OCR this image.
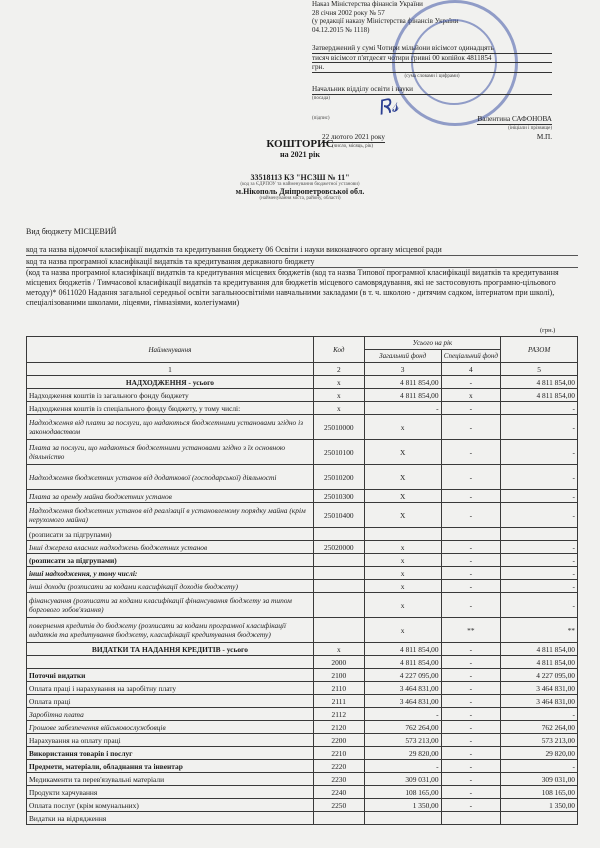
Наказ Міністерства фінансів України
28 січня 2002 року № 57
(у редакції наказу Міністерства фінансів України
04.12.2015 № 1118)
Затверджений у сумі Чотири мільйони вісімсот одинадцять
тисяч вісімсот п'ятдесят чотири гривні 00 копійок 4811854
грн.
(сума словами і цифрами)
Начальник відділу освіти і науки
(посада)
(підпис)	Валентина САФОНОВА
(ініціали і прізвище)
22 лютого 2021 року	М.П.
(число, місяць, рік)
Ꮢ𝓈

КОШТОРИС

на 2021 рік
33518113 КЗ "НСЗШ № 11"
(код за ЄДРПОУ та найменування бюджетної установи)
м.Нікополь Дніпропетровської обл.
(найменування міста, району, області)
Вид бюджету МІСЦЕВИЙ
код та назва відомчої класифікації видатків та кредитування бюджету 06 Освіти і науки виконавчого органу місцевої ради
код та назва програмної класифікації видатків та кредитування державного бюджету
(код та назва програмної класифікації видатків та кредитування місцевих бюджетів (код та назва Типової програмної класифікації видатків та кредитування місцевих бюджетів / Тимчасової класифікації видатків та кредитування для бюджетів місцевого самоврядування, які не застосовують програмно-цільового методу)* 0611020 Надання загальної середньої освіти загальноосвітніми навчальними закладами (в т. ч. школою - дитячим садком, інтернатом при школі), спеціалізованими школами, ліцеями, гімназіями, колегіумами)
(грн.)
Найменування	Код	Усього на рік		РАЗОМ
		Загальний фонд	Спеціальний фонд	
1	2	3	4	5
НАДХОДЖЕННЯ - усього	x	4 811 854,00	-	4 811 854,00
Надходження коштів із загального фонду бюджету	x	4 811 854,00	x	4 811 854,00
Надходження коштів із спеціального фонду бюджету, у тому числі:	x	-	-	-
Надходження від плати за послуги, що надаються бюджетними установами згідно із законодавством	25010000	x	-	-
Плата за послуги, що надаються бюджетними установами згідно з їх основною діяльністю	25010100	X	-	-
Надходження бюджетних установ від додаткової (господарської) діяльності	25010200	X	-	-
Плата за оренду майна бюджетних установ	25010300	X	-	-
Надходження бюджетних установ від реалізації в установленому порядку майна (крім нерухомого майна)	25010400	X	-	-
(розписати за підгрупами)				
Інші джерела власних надходжень бюджетних установ	25020000	x	-	-
(розписати за підгрупами)		x	-	-
інші надходження, у тому числі:		x	-	-
інші доходи (розписати за кодами класифікації доходів бюджету)		x	-	-
фінансування (розписати за кодами класифікації фінансування бюджету за типом боргового зобов'язання)		x	-	-
повернення кредитів до бюджету (розписати за кодами програмної класифікації видатків та кредитування бюджету, класифікації кредитування бюджету)		x	**	**
ВИДАТКИ ТА НАДАННЯ КРЕДИТІВ - усього	x	4 811 854,00	-	4 811 854,00
	2000	4 811 854,00	-	4 811 854,00
Поточні видатки	2100	4 227 095,00	-	4 227 095,00
Оплата праці і нарахування на заробітну плату	2110	3 464 831,00	-	3 464 831,00
Оплата праці	2111	3 464 831,00	-	3 464 831,00
Заробітна плата	2112	-	-	-
Грошове забезпечення військовослужбовців	2120	762 264,00	-	762 264,00
Нарахування на оплату праці	2200	573 213,00	-	573 213,00
Використання товарів і послуг	2210	29 820,00	-	29 820,00
Предмети, матеріали, обладнання та інвентар	2220	-	-	-
Медикаменти та перев'язувальні матеріали	2230	309 031,00	-	309 031,00
Продукти харчування	2240	108 165,00	-	108 165,00
Оплата послуг (крім комунальних)	2250	1 350,00	-	1 350,00
Видатки на відрядження				
